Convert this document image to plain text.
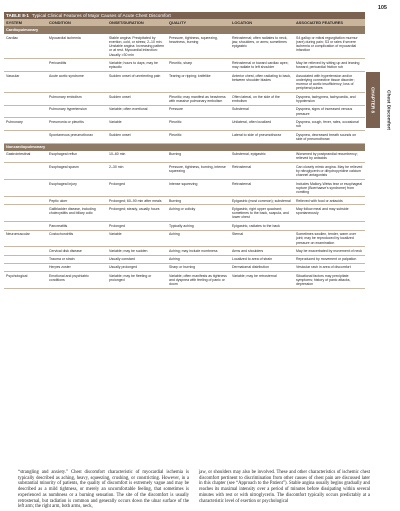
105
TABLE 8-1 Typical Clinical Features of Major Causes of Acute Chest Discomfort
SYSTEM	CONDITION	ONSET/DURATION	QUALITY	LOCATION	ASSOCIATED FEATURES
Cardiopulmonary					
Cardiac	Myocardial ischemia	Stable angina: Precipitated by exertion, cold, or stress; 2–10 min. Unstable angina: Increasing pattern or at rest. Myocardial infarction: Usually >30 min	Pressure, tightness, squeezing, heaviness, burning	Retrosternal; often radiates to neck, jaw, shoulders, or arms; sometimes epigastric	S4 gallop or mitral regurgitation murmur (rare) during pain; S3 or rales if severe ischemia or complication of myocardial infarction
	Pericarditis	Variable; hours to days; may be episodic	Pleuritic, sharp	Retrosternal or toward cardiac apex; may radiate to left shoulder	May be relieved by sitting up and leaning forward; pericardial friction rub
Vascular	Acute aortic syndrome	Sudden onset of unrelenting pain	Tearing or ripping; knifelike	Anterior chest, often radiating to back, between shoulder blades	Associated with hypertension and/or underlying connective tissue disorder; murmur of aortic insufficiency; loss of peripheral pulses
	Pulmonary embolism	Sudden onset	Pleuritic; may manifest as heaviness with massive pulmonary embolism	Often lateral, on the side of the embolism	Dyspnea, tachypnea, tachycardia, and hypotension
	Pulmonary hypertension	Variable; often exertional	Pressure	Substernal	Dyspnea, signs of increased venous pressure
Pulmonary	Pneumonia or pleuritis	Variable	Pleuritic	Unilateral, often localized	Dyspnea, cough, fever, rales, occasional rub
	Spontaneous pneumothorax	Sudden onset	Pleuritic	Lateral to side of pneumothorax	Dyspnea, decreased breath sounds on side of pneumothorax
Noncardiopulmonary					
Gastrointestinal	Esophageal reflux	10–60 min	Burning	Substernal, epigastric	Worsened by postprandial recumbency; relieved by antacids
	Esophageal spasm	2–30 min	Pressure, tightness, burning, intense squeezing	Retrosternal	Can closely mimic angina. May be relieved by nitroglycerin or dihydropyridine calcium channel antagonists
	Esophageal injury	Prolonged	Intense squeezing	Retrosternal	Includes Mallory-Weiss tear or esophageal rupture (Boerhaave's syndrome) from vomiting
	Peptic ulcer	Prolonged; 60–90 min after meals	Burning	Epigastric (most common); substernal	Relieved with food or antacids
	Gallbladder disease, including cholecystitis and biliary colic	Prolonged; steady, usually hours	Aching or colicky	Epigastric, right upper quadrant; sometimes to the back, scapula, and lower chest	May follow meal and may subside spontaneously
	Pancreatitis	Prolonged	Typically aching	Epigastric, radiates to the back	
Neuromuscular	Costochondritis	Variable	Aching	Sternal	Sometimes swollen, tender, warm over joint; may be reproduced by localized pressure on examination
	Cervical disk disease	Variable; may be sudden	Aching; may include numbness	Arms and shoulders	May be exacerbated by movement of neck
	Trauma or strain	Usually constant	Aching	Localized to area of strain	Reproduced by movement or palpation
	Herpes zoster	Usually prolonged	Sharp or burning	Dermatomal distribution	Vesicular rash in area of discomfort
Psychological	Emotional and psychiatric conditions	Variable; may be fleeting or prolonged	Variable; often manifests as tightness and dyspnea with feeling of panic or doom	Variable; may be retrosternal	Situational factors may precipitate symptoms; history of panic attacks, depression
CHAPTER 8 Chest Discomfort

“strangling and anxiety.” Chest discomfort characteristic of myocardial ischemia is typically described as aching, heavy, squeezing, crushing, or constricting. However, in a substantial minority of patients, the quality of discomfort is extremely vague and may be described as a mild tightness, or merely an uncomfortable feeling, that sometimes is experienced as numbness or a burning sensation. The site of the discomfort is usually retrosternal, but radiation is common and generally occurs down the ulnar surface of the left arm; the right arm, both arms, neck,

jaw, or shoulders may also be involved. These and other characteristics of ischemic chest discomfort pertinent to discrimination from other causes of chest pain are discussed later in this chapter (see “Approach to the Patient”). Stable angina usually begins gradually and reaches its maximal intensity over a period of minutes before dissipating within several minutes with rest or with nitroglycerin. The discomfort typically occurs predictably at a characteristic level of exertion or psychological
